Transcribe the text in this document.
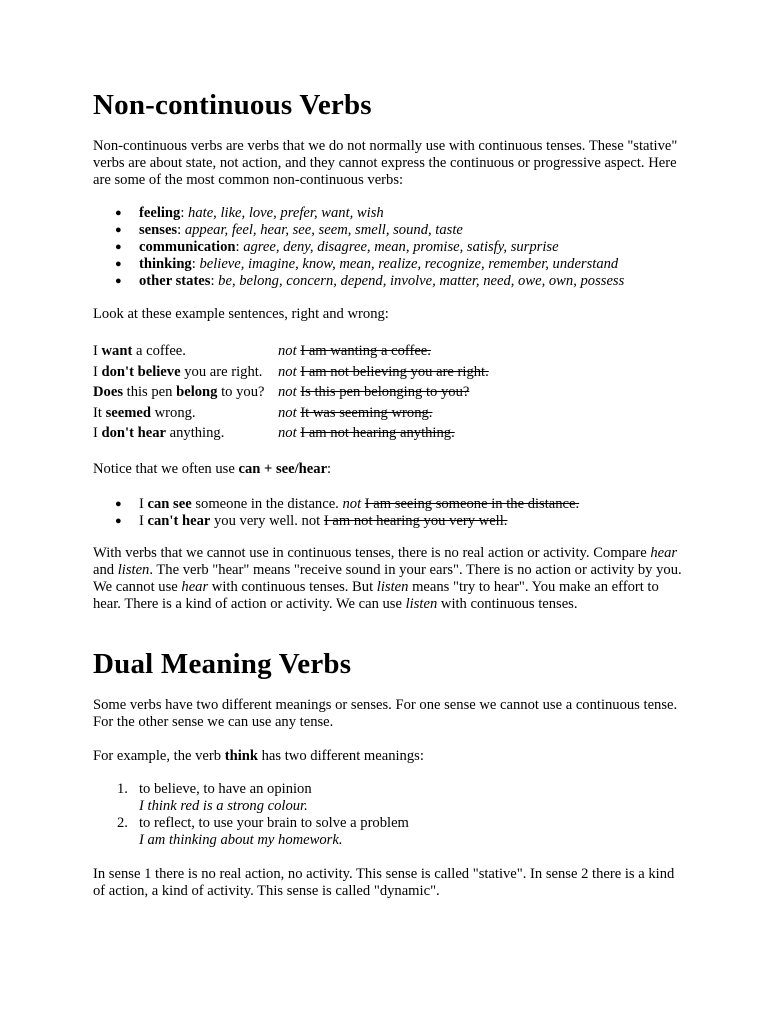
Non-continuous Verbs

Non-continuous verbs are verbs that we do not normally use with continuous tenses. These "stative" verbs are about state, not action, and they cannot express the continuous or progressive aspect. Here are some of the most common non-continuous verbs:

● feeling: hate, like, love, prefer, want, wish
● senses: appear, feel, hear, see, seem, smell, sound, taste
● communication: agree, deny, disagree, mean, promise, satisfy, surprise
● thinking: believe, imagine, know, mean, realize, recognize, remember, understand
● other states: be, belong, concern, depend, involve, matter, need, owe, own, possess

Look at these example sentences, right and wrong:

I want a coffee.	not I am wanting a coffee.
I don't believe you are right. not I am not believing you are right.
Does this pen belong to you? not Is this pen belonging to you?
It seemed wrong.	not It was seeming wrong.
I don't hear anything.	not I am not hearing anything.

Notice that we often use can + see/hear:

● I can see someone in the distance. not I am seeing someone in the distance.
● I can't hear you very well. not I am not hearing you very well.

With verbs that we cannot use in continuous tenses, there is no real action or activity. Compare hear and listen. The verb "hear" means "receive sound in your ears". There is no action or activity by you. We cannot use hear with continuous tenses. But listen means "try to hear". You make an effort to hear. There is a kind of action or activity. We can use listen with continuous tenses.

Dual Meaning Verbs

Some verbs have two different meanings or senses. For one sense we cannot use a continuous tense. For the other sense we can use any tense.

For example, the verb think has two different meanings:

1. to believe, to have an opinion
I think red is a strong colour.
2. to reflect, to use your brain to solve a problem
I am thinking about my homework.

In sense 1 there is no real action, no activity. This sense is called "stative". In sense 2 there is a kind of action, a kind of activity. This sense is called "dynamic".
